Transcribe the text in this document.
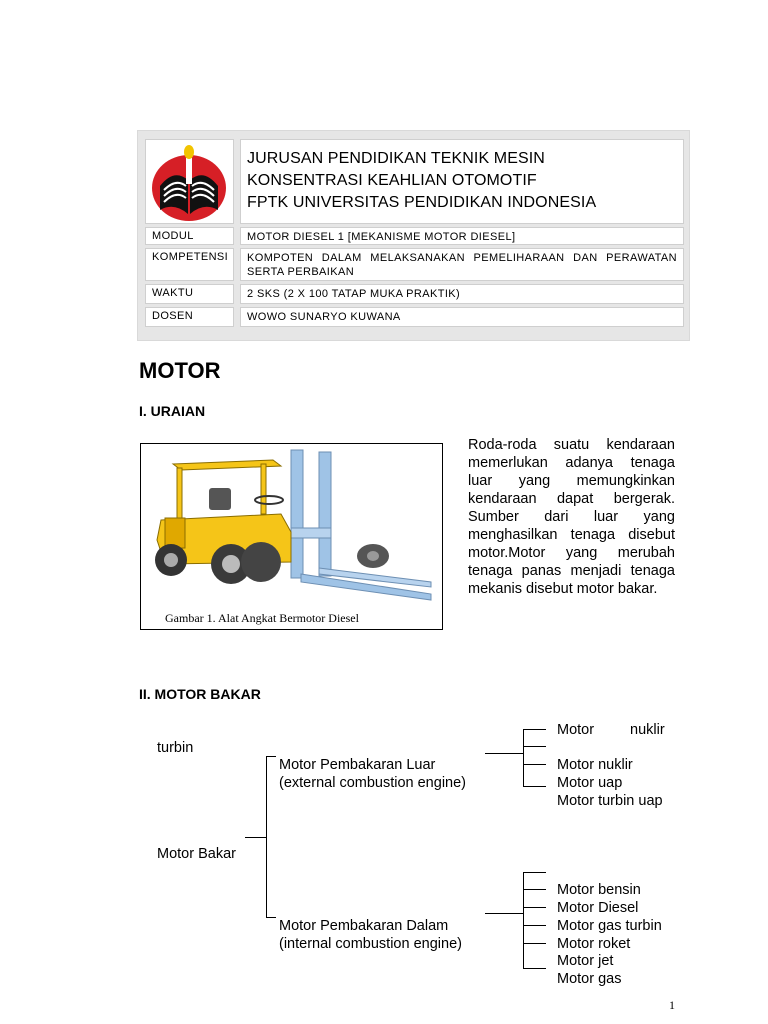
JURUSAN PENDIDIKAN TEKNIK MESIN
KONSENTRASI KEAHLIAN OTOMOTIF
FPTK UNIVERSITAS PENDIDIKAN INDONESIA
MODUL	MOTOR DIESEL 1 [MEKANISME MOTOR DIESEL]
KOMPETENSI	KOMPOTEN DALAM MELAKSANAKAN PEMELIHARAAN DAN PERAWATAN
SERTA PERBAIKAN
WAKTU	2 SKS (2 X 100 TATAP MUKA PRAKTIK)
DOSEN	WOWO SUNARYO KUWANA
MOTOR
I. URAIAN
Gambar 1. Alat Angkat Bermotor Diesel
Roda-roda suatu kendaraan
memerlukan adanya tenaga
luar yang memungkinkan
kendaraan dapat bergerak.
Sumber dari luar yang
menghasilkan tenaga disebut
motor.Motor yang merubah
tenaga panas menjadi tenaga
mekanis disebut motor bakar.
II. MOTOR BAKAR
turbin
Motor Bakar
Motor Pembakaran Luar
(external combustion engine)
Motor nuklir
Motor nuklir
Motor uap
Motor turbin uap
Motor Pembakaran Dalam
(internal combustion engine)
Motor bensin
Motor Diesel
Motor gas turbin
Motor roket
Motor jet
Motor gas
1
